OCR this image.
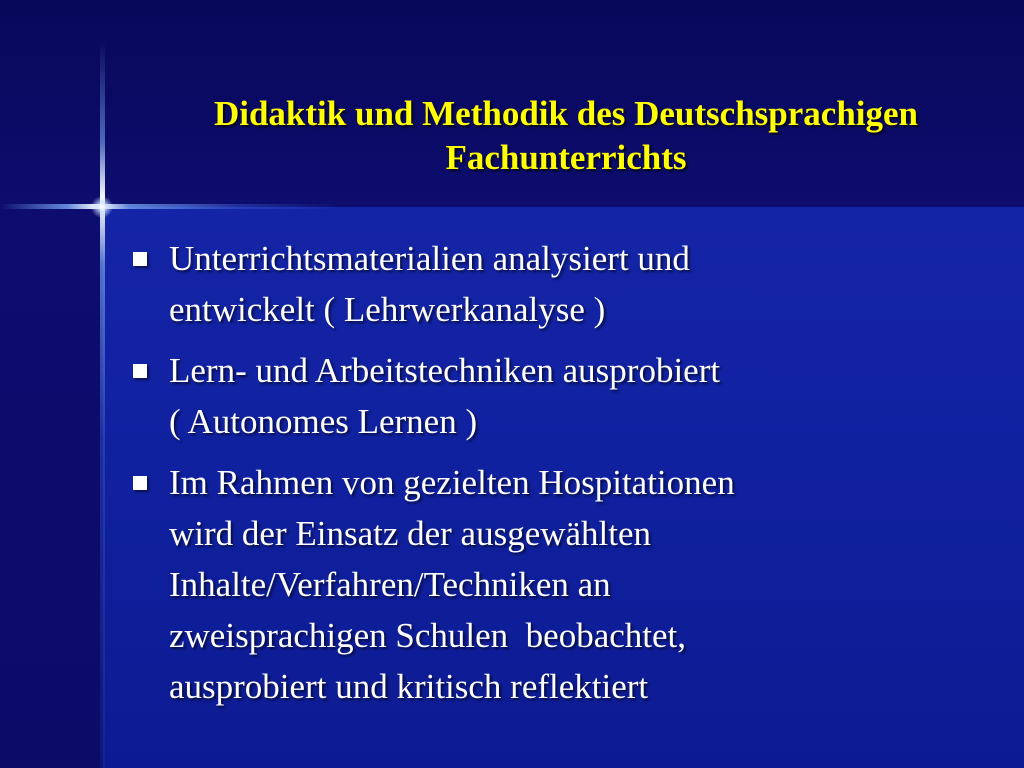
Didaktik und Methodik des Deutschsprachigen
Fachunterrichts
Unterrichtsmaterialien analysiert und
entwickelt ( Lehrwerkanalyse )
Lern- und Arbeitstechniken ausprobiert
( Autonomes Lernen )
Im Rahmen von gezielten Hospitationen
wird der Einsatz der ausgewählten
Inhalte/Verfahren/Techniken an
zweisprachigen Schulen  beobachtet,
ausprobiert und kritisch reflektiert
